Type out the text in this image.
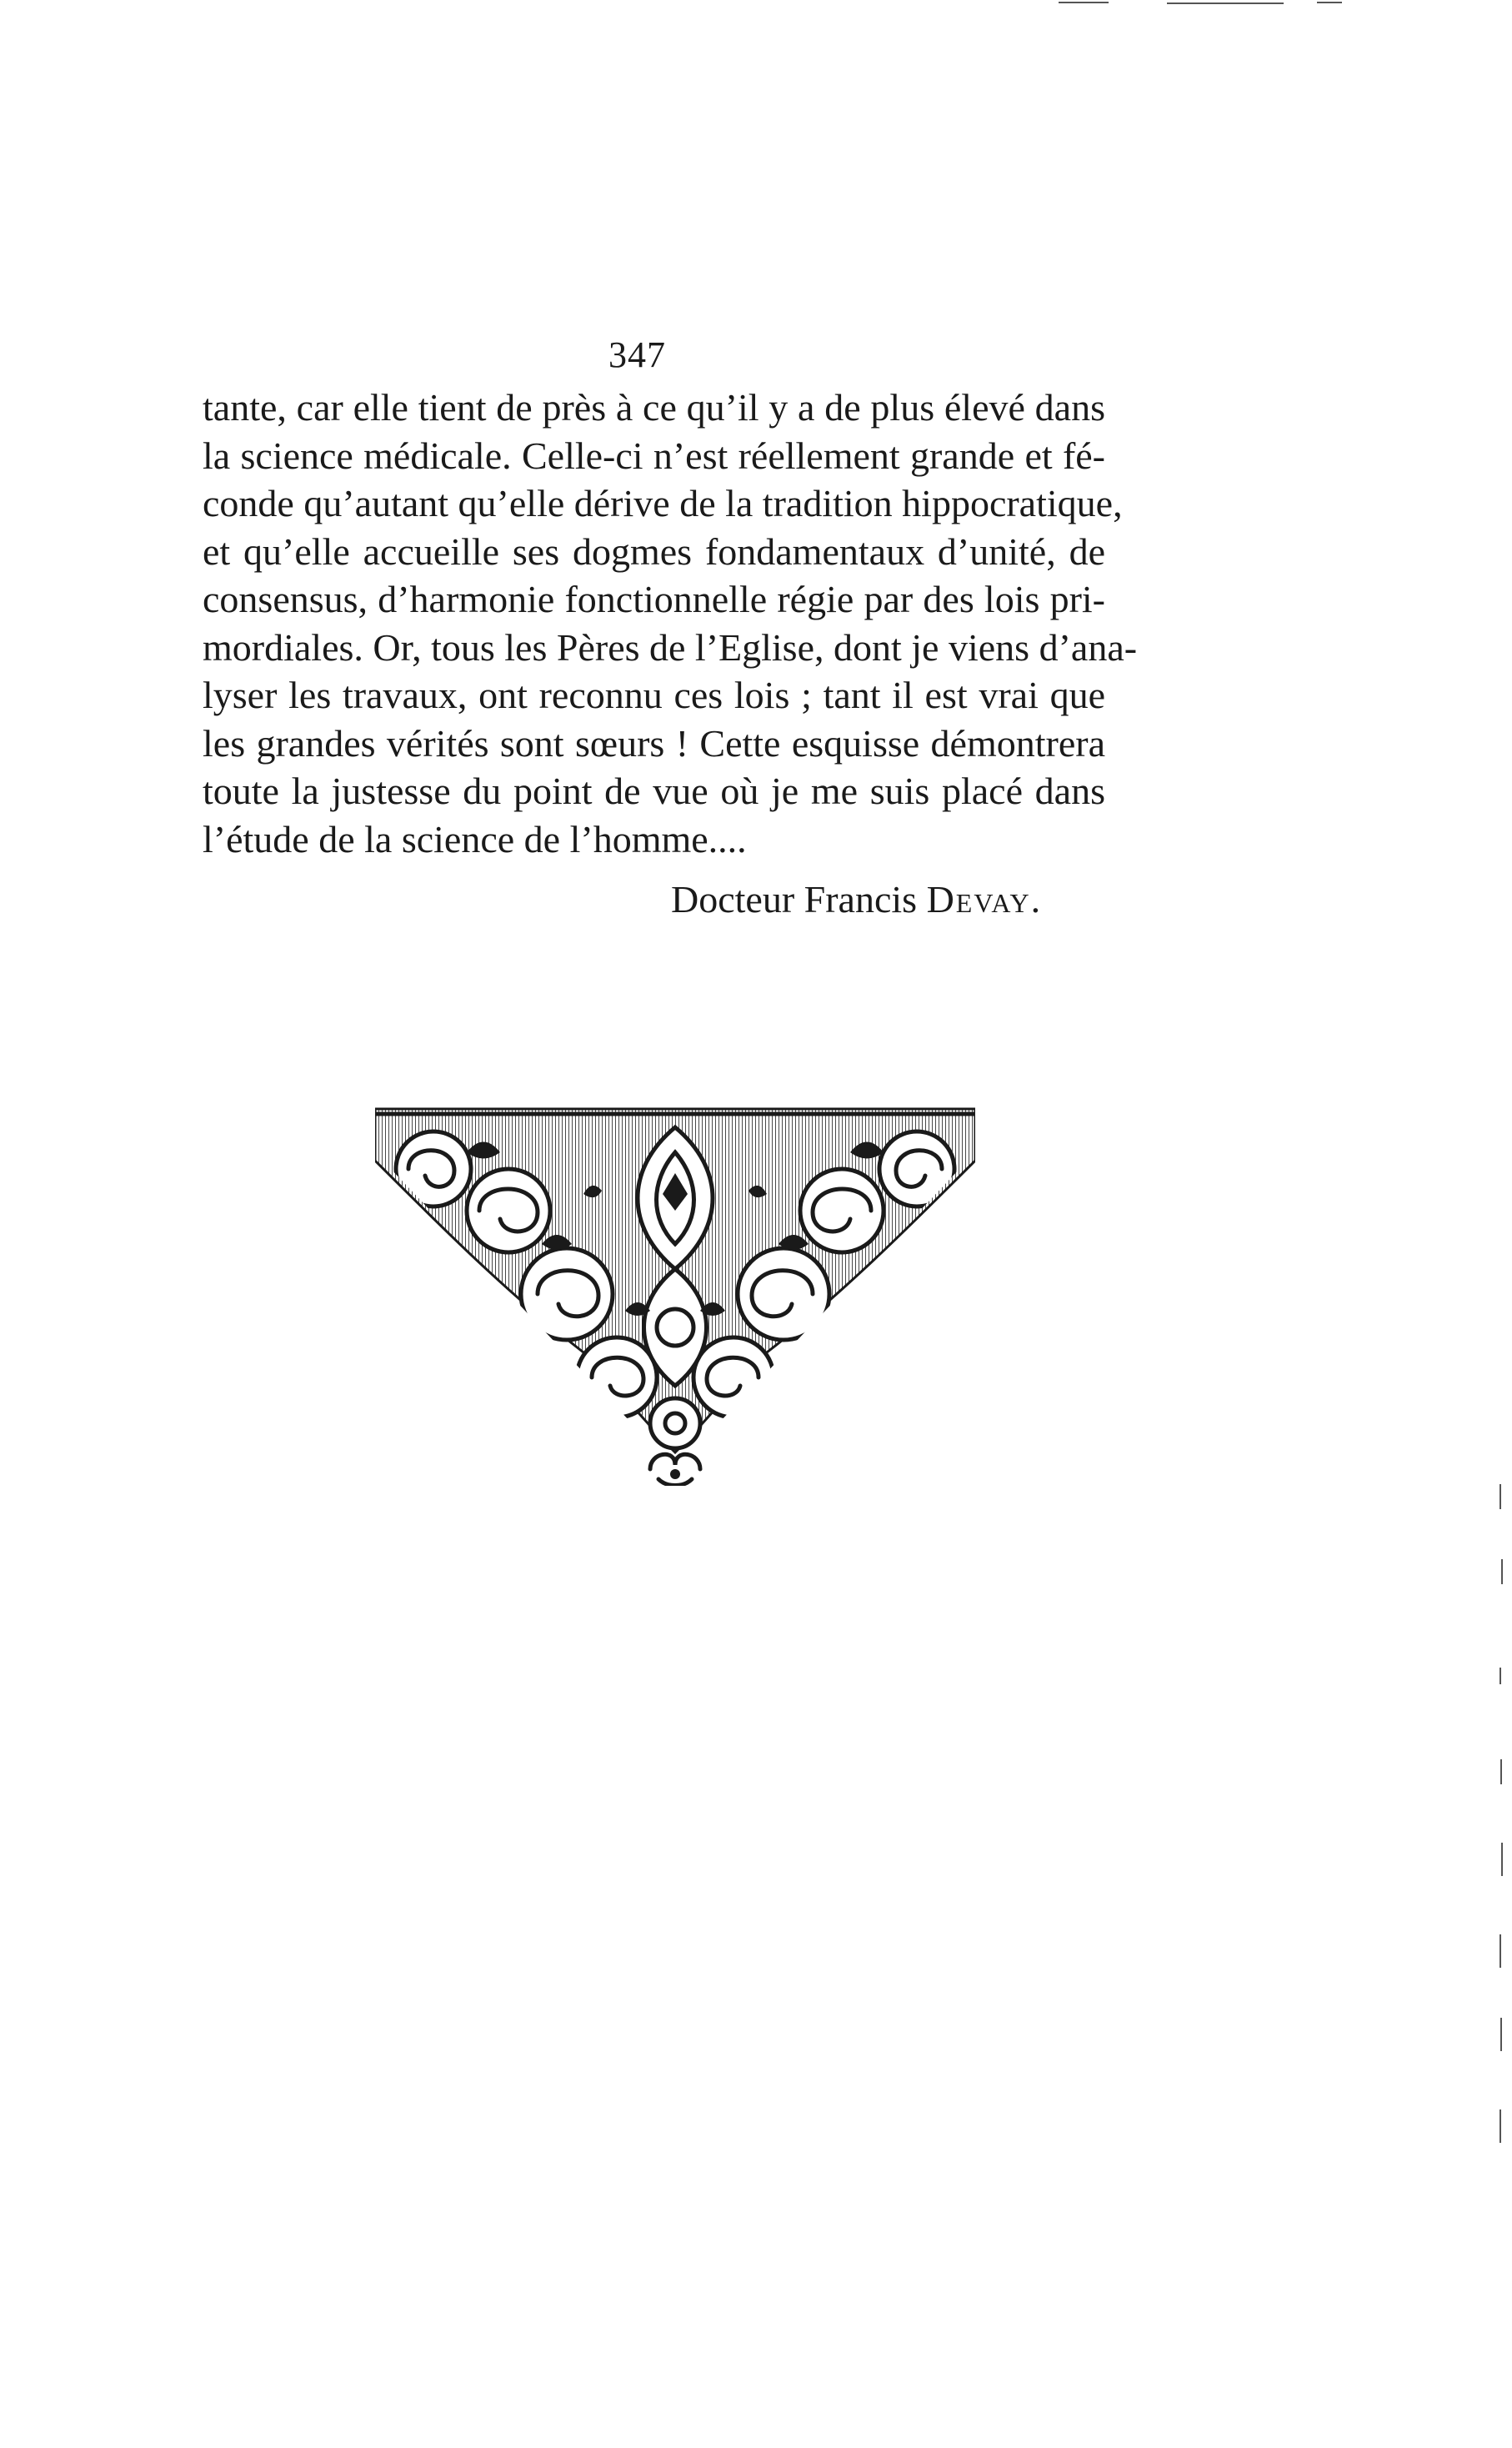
347

tante, car elle tient de près à ce qu’il y a de plus élevé dans
la science médicale. Celle-ci n’est réellement grande et fé-
conde qu’autant qu’elle dérive de la tradition hippocratique,
et qu’elle accueille ses dogmes fondamentaux d’unité, de
consensus, d’harmonie fonctionnelle régie par des lois pri-
mordiales. Or, tous les Pères de l’Eglise, dont je viens d’ana-
lyser les travaux, ont reconnu ces lois ; tant il est vrai que
les grandes vérités sont sœurs ! Cette esquisse démontrera
toute la justesse du point de vue où je me suis placé dans
l’étude de la science de l’homme....

Docteur Francis Devay.
